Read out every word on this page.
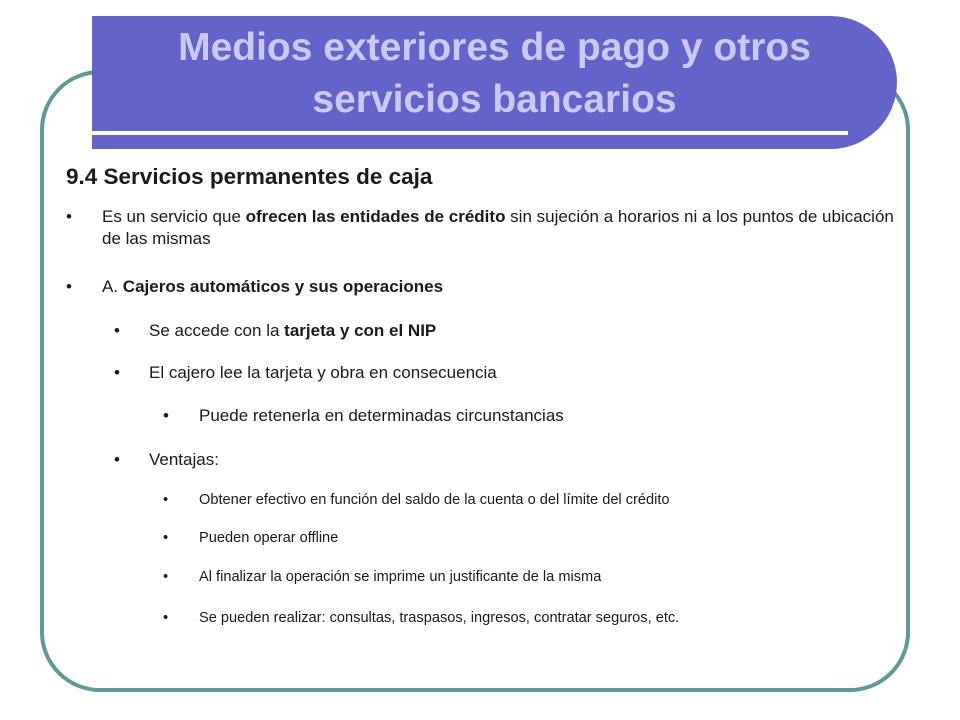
Medios exteriores de pago y otros servicios bancarios
9.4 Servicios permanentes de caja
• Es un servicio que ofrecen las entidades de crédito sin sujeción a horarios ni a los puntos de ubicación de las mismas
• A. Cajeros automáticos y sus operaciones
• Se accede con la tarjeta y con el NIP
• El cajero lee la tarjeta y obra en consecuencia
• Puede retenerla en determinadas circunstancias
• Ventajas:
• Obtener efectivo en función del saldo de la cuenta o del límite del crédito
• Pueden operar offline
• Al finalizar la operación se imprime un justificante de la misma
• Se pueden realizar: consultas, traspasos, ingresos, contratar seguros, etc.
